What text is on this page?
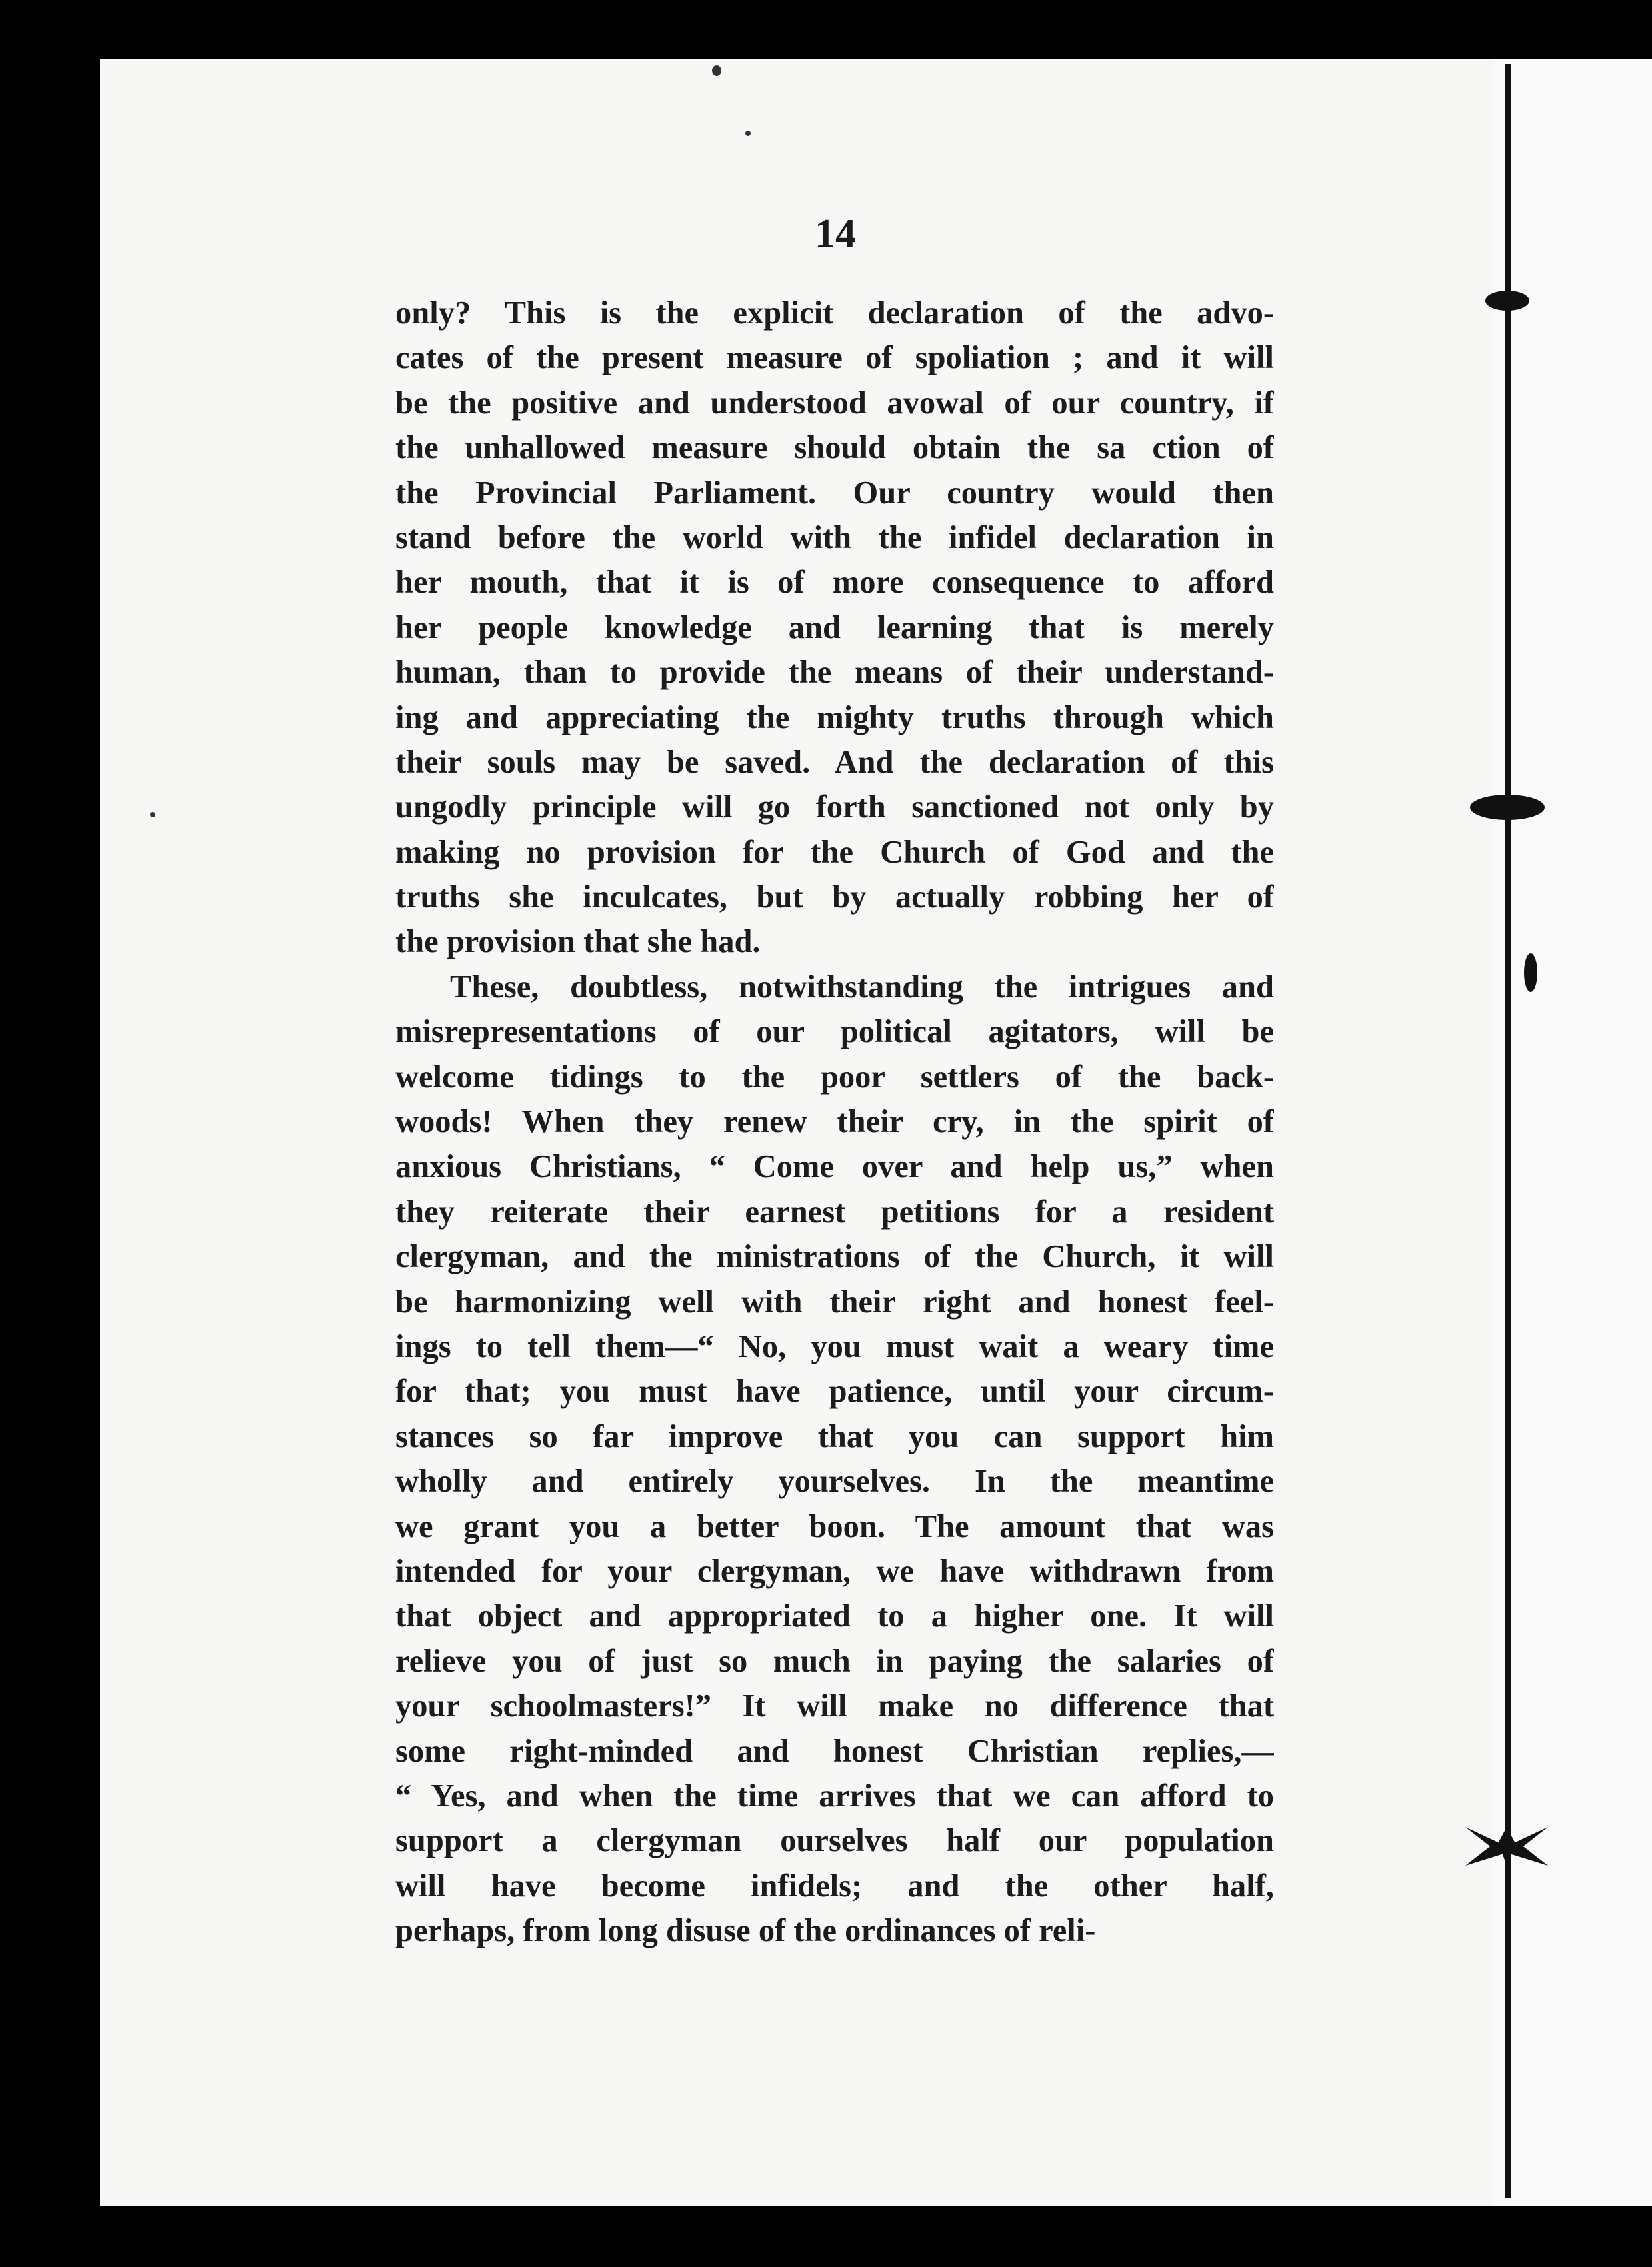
14
only? This is the explicit declaration of the advo-
cates of the present measure of spoliation ; and it will
be the positive and understood avowal of our country, if
the unhallowed measure should obtain the sa ction of
the Provincial Parliament. Our country would then
stand before the world with the infidel declaration in
her mouth, that it is of more consequence to afford
her people knowledge and learning that is merely
human, than to provide the means of their understand-
ing and appreciating the mighty truths through which
their souls may be saved. And the declaration of this
ungodly principle will go forth sanctioned not only by
making no provision for the Church of God and the
truths she inculcates, but by actually robbing her of
the provision that she had.
These, doubtless, notwithstanding the intrigues and
misrepresentations of our political agitators, will be
welcome tidings to the poor settlers of the back-
woods! When they renew their cry, in the spirit of
anxious Christians, “ Come over and help us,” when
they reiterate their earnest petitions for a resident
clergyman, and the ministrations of the Church, it will
be harmonizing well with their right and honest feel-
ings to tell them—“ No, you must wait a weary time
for that; you must have patience, until your circum-
stances so far improve that you can support him
wholly and entirely yourselves. In the meantime
we grant you a better boon. The amount that was
intended for your clergyman, we have withdrawn from
that object and appropriated to a higher one. It will
relieve you of just so much in paying the salaries of
your schoolmasters!” It will make no difference that
some right-minded and honest Christian replies,—
“ Yes, and when the time arrives that we can afford to
support a clergyman ourselves half our population
will have become infidels; and the other half,
perhaps, from long disuse of the ordinances of reli-
